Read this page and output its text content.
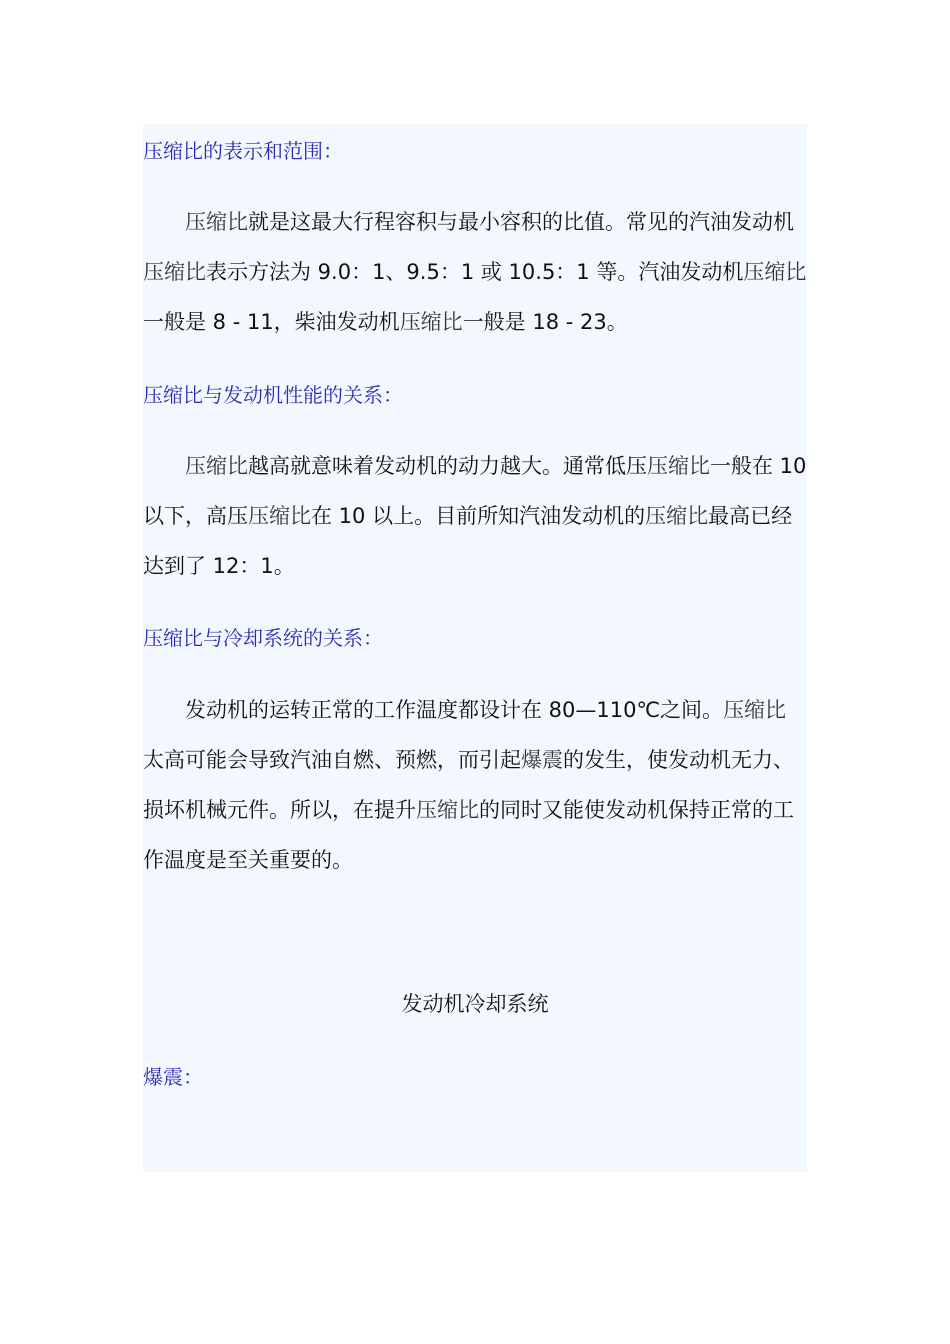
压缩比的表示和范围：

压缩比就是这最大行程容积与最小容积的比值。常见的汽油发动机压缩比表示方法为 9.0：1、9.5：1 或 10.5：1 等。汽油发动机压缩比一般是 8 - 11，柴油发动机压缩比一般是 18 - 23。

压缩比与发动机性能的关系：

压缩比越高就意味着发动机的动力越大。通常低压压缩比一般在 10 以下，高压压缩比在 10 以上。目前所知汽油发动机的压缩比最高已经达到了 12：1。

压缩比与冷却系统的关系：

发动机的运转正常的工作温度都设计在 80—110℃之间。压缩比太高可能会导致汽油自燃、预燃，而引起爆震的发生，使发动机无力、损坏机械元件。所以，在提升压缩比的同时又能使发动机保持正常的工作温度是至关重要的。

发动机冷却系统

爆震：
